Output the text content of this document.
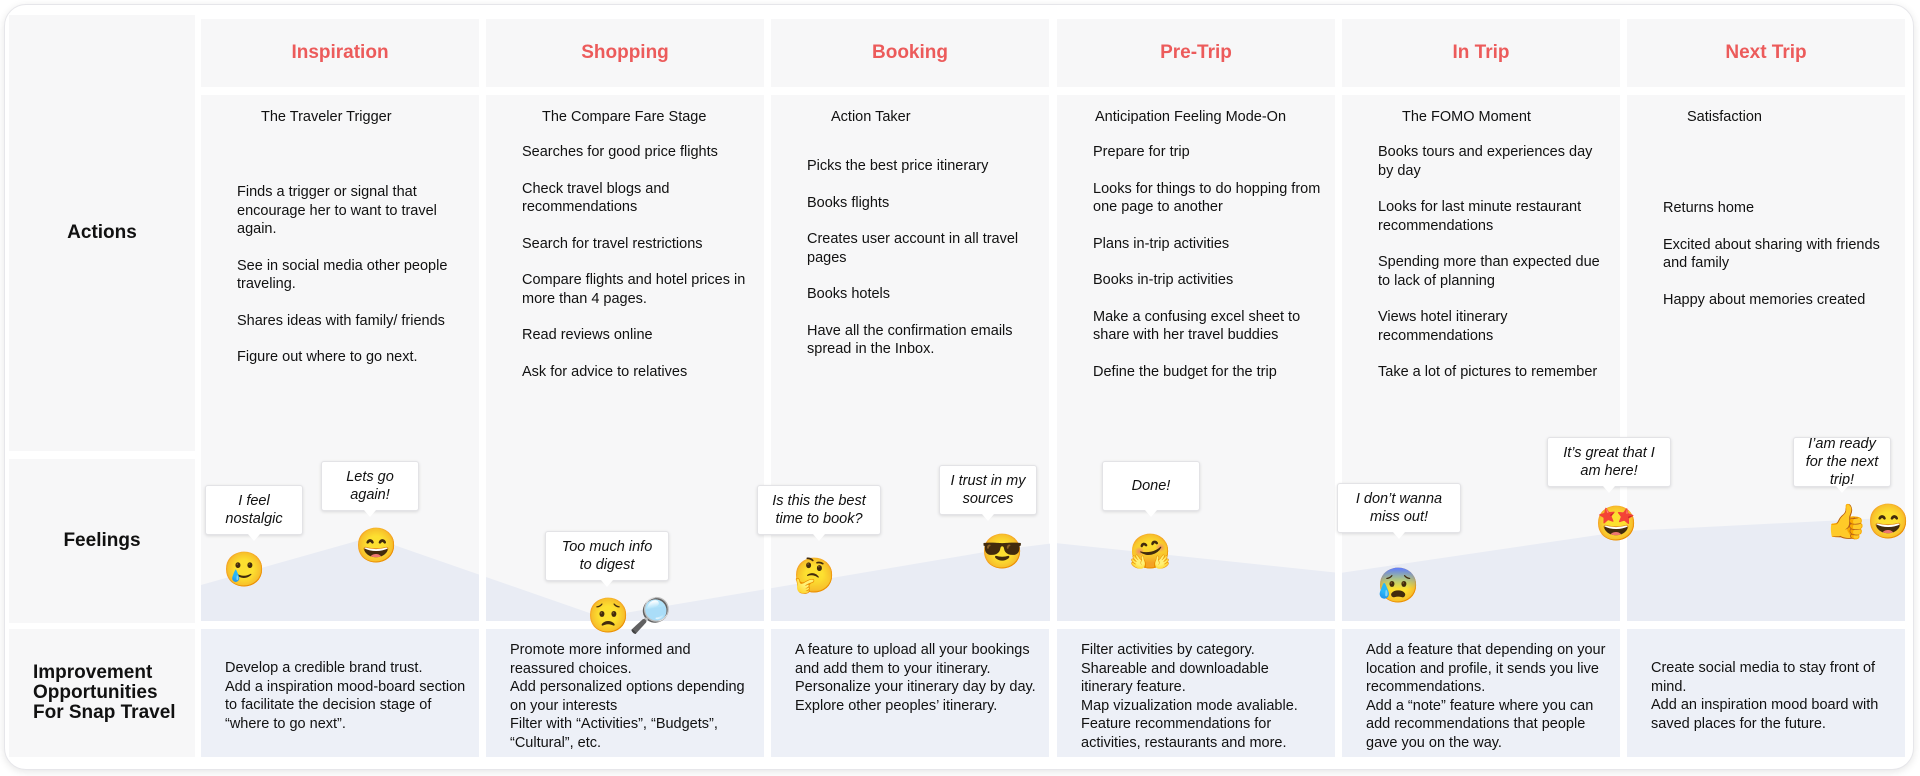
Actions
Feelings
Improvement
Opportunities
For Snap Travel
Inspiration
The Traveler Trigger
Finds a trigger or signal that encourage her to want to travel again.
See in social media other people traveling.
Shares ideas with family/ friends
Figure out where to go next.
Develop a credible brand trust.
Add a inspiration mood-board section to facilitate the decision stage of “where to go next”.
Shopping
The Compare Fare Stage
Searches for good price flights
Check travel blogs and recommendations
Search for travel restrictions
Compare flights and hotel prices in more than 4 pages.
Read reviews online
Ask for advice to relatives
Promote more informed and reassured choices.
Add personalized options depending on your interests
Filter with “Activities”, “Budgets”, “Cultural”, etc.
Booking
Action Taker
Picks the best price itinerary
Books flights
Creates user account in all travel pages
Books hotels
Have all the confirmation emails spread in the Inbox.
A feature to upload all your bookings and add them to your itinerary.
Personalize your itinerary day by day.
Explore other peoples’ itinerary.
Pre-Trip
Anticipation Feeling Mode-On
Prepare for trip
Looks for things to do hopping from one page to another
Plans in-trip activities
Books in-trip activities
Make a confusing excel sheet to share with her travel buddies
Define the budget for the trip
Filter activities by category.
Shareable and downloadable itinerary feature.
Map vizualization mode avaliable.
Feature recommendations for activities, restaurants and more.
In Trip
The FOMO Moment
Books tours and experiences day by day
Looks for last minute restaurant recommendations
Spending more than expected due to lack of planning
Views hotel itinerary recommendations
Take a lot of pictures to remember
Add a feature that depending on your location and profile, it sends you live recommendations.
Add a “note” feature where you can add recommendations that people gave you on the way.
Next Trip
Satisfaction
Returns home
Excited about sharing with friends and family
Happy about memories created
Create social media to stay front of mind.
Add an inspiration mood board with saved places for the future.
I feel nostalgic
🥲
Lets go again!
😄	Too much info to digest
😟🔎
Is this the best time to book?
🤔
I trust in my sources
😎
Done!
🤗
I don’t wanna miss out!
😰
It’s great that I am here!
🤩
I’am ready for the next trip!
👍😄
